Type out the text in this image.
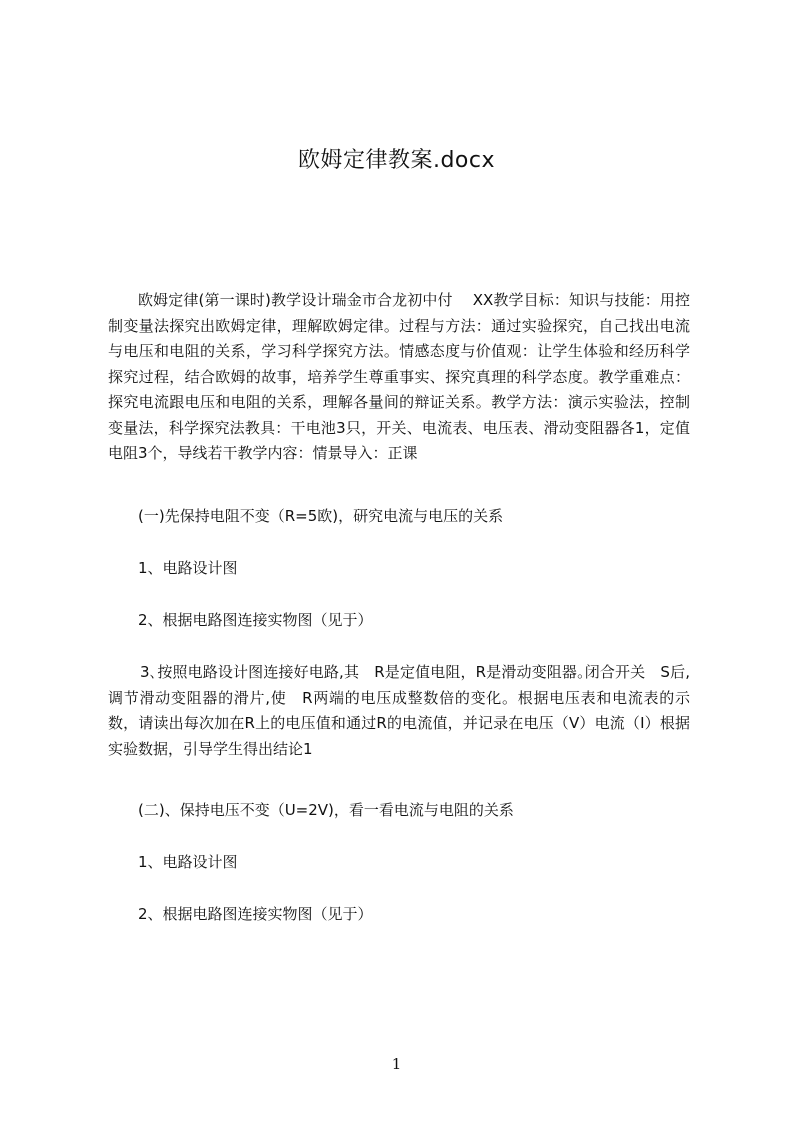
欧姆定律教案.docx

欧姆定律(第一课时)教学设计瑞金市合龙初中付　 XX教学目标：知识与技能：用控制变量法探究出欧姆定律，理解欧姆定律。过程与方法：通过实验探究，自己找出电流与电压和电阻的关系，学习科学探究方法。情感态度与价值观：让学生体验和经历科学探究过程，结合欧姆的故事，培养学生尊重事实、探究真理的科学态度。教学重难点：探究电流跟电压和电阻的关系，理解各量间的辩证关系。教学方法：演示实验法，控制变量法，科学探究法教具：干电池3只，开关、电流表、电压表、滑动变阻器各1，定值电阻3个，导线若干教学内容：情景导入：正课

(一)先保持电阻不变（R=5欧)，研究电流与电压的关系

1、电路设计图

2、根据电路图连接实物图（见于）

3､按照电路设计图连接好电路,其　R是定值电阻，R是滑动变阻器｡闭合开关　S后,调节滑动变阻器的滑片,使　R两端的电压成整数倍的变化。根据电压表和电流表的示数，请读出每次加在R上的电压值和通过R的电流值，并记录在电压（V）电流（I）根据实验数据，引导学生得出结论1

(二)、保持电压不变（U=2V)，看一看电流与电阻的关系

1、电路设计图

2、根据电路图连接实物图（见于）

1
